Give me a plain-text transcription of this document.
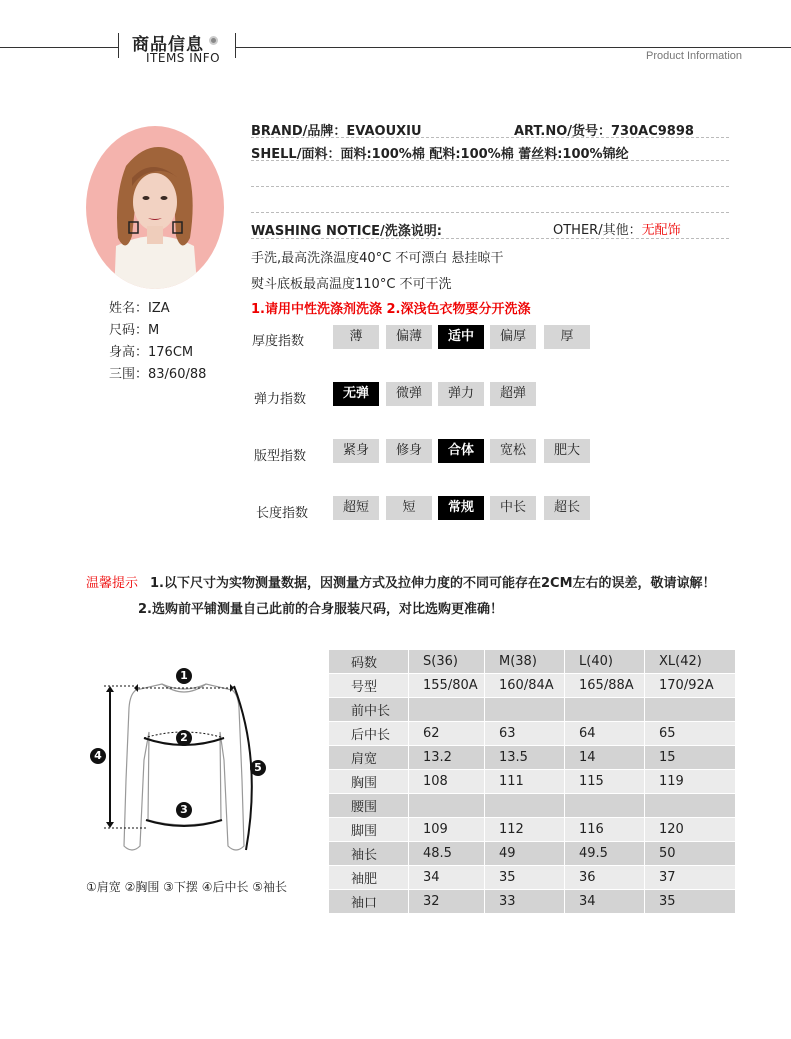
商品信息
ITEMS INFO	Product Information
姓名：IZA
尺码：M
身高：176CM
三围：83/60/88
BRAND/品牌：EVAOUXIU	ART.NO/货号：730AC9898
SHELL/面料：面料:100%棉 配料:100%棉 蕾丝料:100%锦纶
WASHING NOTICE/洗涤说明:	OTHER/其他：无配饰
手洗,最高洗涤温度40°C 不可漂白 悬挂晾干
熨斗底板最高温度110°C 不可干洗
1.请用中性洗涤剂洗涤 2.深浅色衣物要分开洗涤
厚度指数	薄	偏薄	适中	偏厚	厚
弹力指数	无弹	微弹	弹力	超弹
版型指数	紧身	修身	合体	宽松	肥大
长度指数	超短	短	常规	中长	超长
温馨提示 1.以下尺寸为实物测量数据，因测量方式及拉伸力度的不同可能存在2CM左右的误差，敬请谅解！
2.选购前平铺测量自己此前的合身服装尺码，对比选购更准确！
1
2
3
4
5
①肩宽 ②胸围 ③下摆 ④后中长 ⑤袖长
码数	S(36)	M(38)	L(40)	XL(42)
号型	155/80A	160/84A	165/88A	170/92A
前中长				
后中长	62	63	64	65
肩宽	13.2	13.5	14	15
胸围	108	111	115	119
腰围				
脚围	109	112	116	120
袖长	48.5	49	49.5	50
袖肥	34	35	36	37
袖口	32	33	34	35
